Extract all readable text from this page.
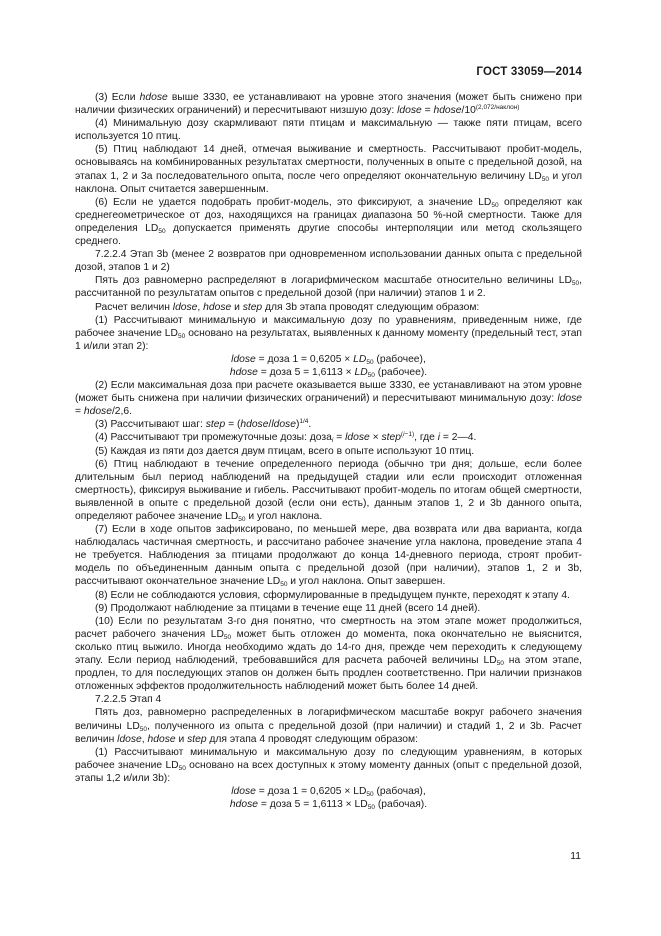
ГОСТ 33059—2014

(3) Если hdose выше 3330, ее устанавливают на уровне этого значения (может быть снижено при наличии физических ограничений) и пересчитывают низшую дозу: ldose = hdose/$10^{(2,072/наклон)}$

(4) Минимальную дозу скармливают пяти птицам и максимальную — также пяти птицам, всего используется 10 птиц.

(5) Птиц наблюдают 14 дней, отмечая выживание и смертность. Рассчитывают пробит-модель, основываясь на комбинированных результатах смертности, полученных в опыте с предельной дозой, на этапах 1, 2 и 3а последовательного опыта, после чего определяют окончательную величину $LD_{50}$ и угол наклона. Опыт считается завершенным.

(6) Если не удается подобрать пробит-модель, это фиксируют, а значение $LD_{50}$ определяют как среднегеометрическое от доз, находящихся на границах диапазона 50 %-ной смертности. Также для определения $LD_{50}$ допускается применять другие способы интерполяции или метод скользящего среднего.

7.2.2.4 Этап 3b (менее 2 возвратов при одновременном использовании данных опыта с предельной дозой, этапов 1 и 2)

Пять доз равномерно распределяют в логарифмическом масштабе относительно величины $LD_{50}$, рассчитанной по результатам опытов с предельной дозой (при наличии) этапов 1 и 2.

Расчет величин ldose, hdose и step для 3b этапа проводят следующим образом:

(1) Рассчитывают минимальную и максимальную дозу по уравнениям, приведенным ниже, где рабочее значение $LD_{50}$ основано на результатах, выявленных к данному моменту (предельный тест, этап 1 и/или этап 2):

ldose = доза $1 = 0,6205 \times LD_{50}$ (рабочее),

hdose = доза $5 = 1,6113 \times LD_{50}$ (рабочее).

(2) Если максимальная доза при расчете оказывается выше 3330, ее устанавливают на этом уровне (может быть снижена при наличии физических ограничений) и пересчитывают минимальную дозу: ldose = hdose/2,6.

(3) Рассчитывают шаг: step = (hdose/ldose)$^{1/4}$.

(4) Рассчитывают три промежуточные дозы: доза$_i$ = ldose × step$^{(i-1)}$, где i = 2—4.

(5) Каждая из пяти доз дается двум птицам, всего в опыте используют 10 птиц.

(6) Птиц наблюдают в течение определенного периода (обычно три дня; дольше, если более длительным был период наблюдений на предыдущей стадии или если происходит отложенная смертность), фиксируя выживание и гибель. Рассчитывают пробит-модель по итогам общей смертности, выявленной в опыте с предельной дозой (если они есть), данным этапов 1, 2 и 3b данного опыта, определяют рабочее значение $LD_{50}$ и угол наклона.

(7) Если в ходе опытов зафиксировано, по меньшей мере, два возврата или два варианта, когда наблюдалась частичная смертность, и рассчитано рабочее значение угла наклона, проведение этапа 4 не требуется. Наблюдения за птицами продолжают до конца 14-дневного периода, строят пробит-модель по объединенным данным опыта с предельной дозой (при наличии), этапов 1, 2 и 3b, рассчитывают окончательное значение $LD_{50}$ и угол наклона. Опыт завершен.

(8) Если не соблюдаются условия, сформулированные в предыдущем пункте, переходят к этапу 4.

(9) Продолжают наблюдение за птицами в течение еще 11 дней (всего 14 дней).

(10) Если по результатам 3-го дня понятно, что смертность на этом этапе может продолжиться, расчет рабочего значения $LD_{50}$ может быть отложен до момента, пока окончательно не выяснится, сколько птиц выжило. Иногда необходимо ждать до 14-го дня, прежде чем переходить к следующему этапу. Если период наблюдений, требовавшийся для расчета рабочей величины $LD_{50}$ на этом этапе, продлен, то для последующих этапов он должен быть продлен соответственно. При наличии признаков отложенных эффектов продолжительность наблюдений может быть более 14 дней.

7.2.2.5 Этап 4

Пять доз, равномерно распределенных в логарифмическом масштабе вокруг рабочего значения величины $LD_{50}$, полученного из опыта с предельной дозой (при наличии) и стадий 1, 2 и 3b. Расчет величин ldose, hdose и step для этапа 4 проводят следующим образом:

(1) Рассчитывают минимальную и максимальную дозу по следующим уравнениям, в которых рабочее значение $LD_{50}$ основано на всех доступных к этому моменту данных (опыт с предельной дозой, этапы 1,2 и/или 3b):

ldose = доза $1 = 0,6205 \times LD_{50}$ (рабочая),

hdose = доза $5 = 1,6113 \times LD_{50}$ (рабочая).

11
